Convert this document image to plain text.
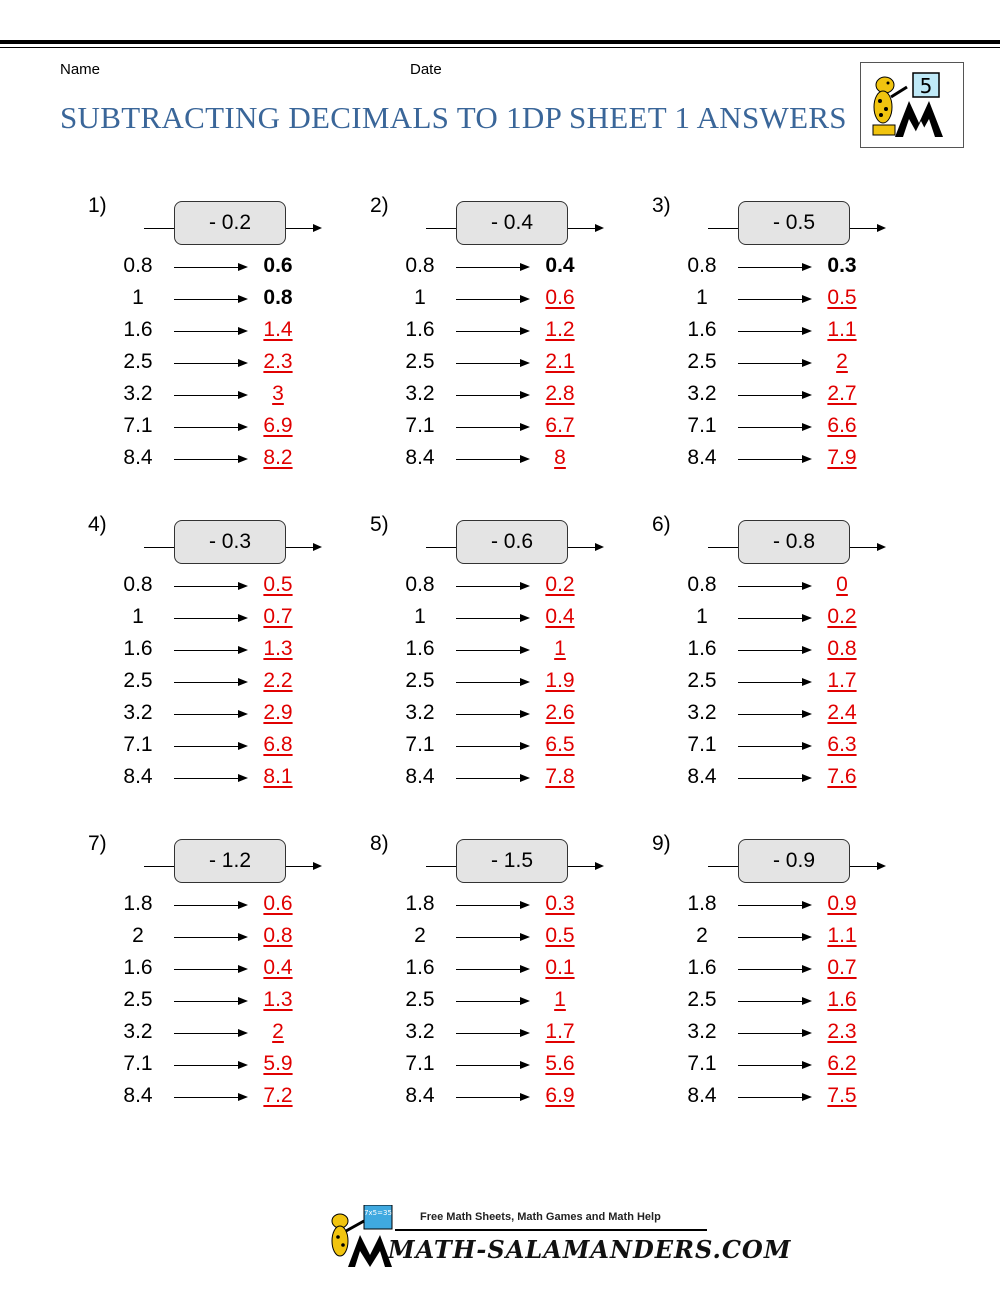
Name	Date
SUBTRACTING DECIMALS TO 1DP SHEET 1 ANSWERS
5
1)
- 0.2
0.8	0.6
1	0.8
1.6	1.4
2.5	2.3
3.2	3
7.1	6.9
8.4	8.2
2)
- 0.4
0.8	0.4
1	0.6
1.6	1.2
2.5	2.1
3.2	2.8
7.1	6.7
8.4	8
3)
- 0.5
0.8	0.3
1	0.5
1.6	1.1
2.5	2
3.2	2.7
7.1	6.6
8.4	7.9
4)
- 0.3
0.8	0.5
1	0.7
1.6	1.3
2.5	2.2
3.2	2.9
7.1	6.8
8.4	8.1
5)
- 0.6
0.8	0.2
1	0.4
1.6	1
2.5	1.9
3.2	2.6
7.1	6.5
8.4	7.8
6)
- 0.8
0.8	0
1	0.2
1.6	0.8
2.5	1.7
3.2	2.4
7.1	6.3
8.4	7.6
7)
- 1.2
1.8	0.6
2	0.8
1.6	0.4
2.5	1.3
3.2	2
7.1	5.9
8.4	7.2
8)
- 1.5
1.8	0.3
2	0.5
1.6	0.1
2.5	1
3.2	1.7
7.1	5.6
8.4	6.9
9)
- 0.9
1.8	0.9
2	1.1
1.6	0.7
2.5	1.6
3.2	2.3
7.1	6.2
8.4	7.5
7x5=35	Free Math Sheets, Math Games and Math Help
MATH-SALAMANDERS.COM
